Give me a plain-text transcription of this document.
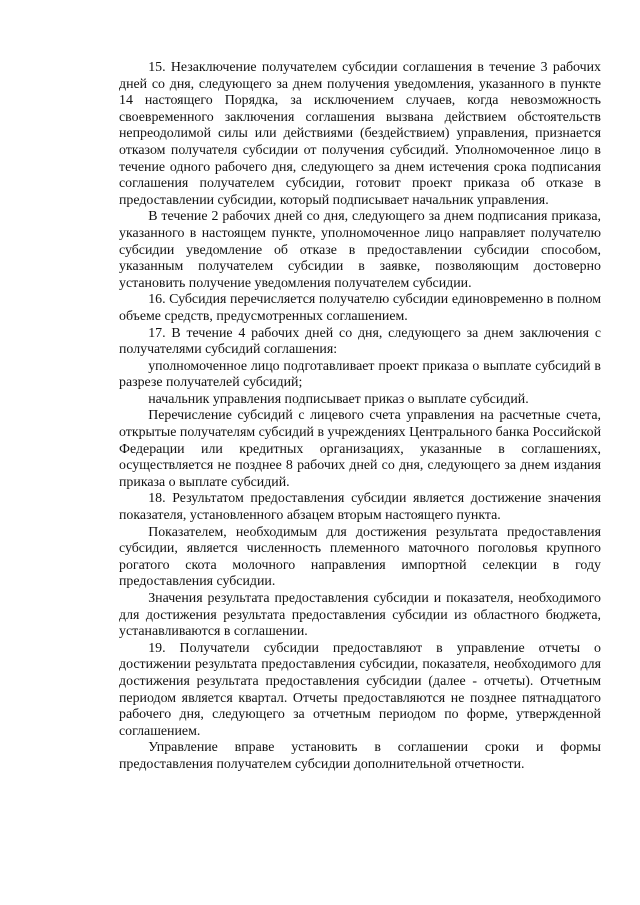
15. Незаключение получателем субсидии соглашения в течение 3 рабочих дней со дня, следующего за днем получения уведомления, указанного в пункте 14 настоящего Порядка, за исключением случаев, когда невозможность своевременного заключения соглашения вызвана действием обстоятельств непреодолимой силы или действиями (бездействием) управления, признается отказом получателя субсидии от получения субсидий. Уполномоченное лицо в течение одного рабочего дня, следующего за днем истечения срока подписания соглашения получателем субсидии, готовит проект приказа об отказе в предоставлении субсидии, который подписывает начальник управления.

В течение 2 рабочих дней со дня, следующего за днем подписания приказа, указанного в настоящем пункте, уполномоченное лицо направляет получателю субсидии уведомление об отказе в предоставлении субсидии способом, указанным получателем субсидии в заявке, позволяющим достоверно установить получение уведомления получателем субсидии.

16. Субсидия перечисляется получателю субсидии единовременно в полном объеме средств, предусмотренных соглашением.

17. В течение 4 рабочих дней со дня, следующего за днем заключения с получателями субсидий соглашения:

уполномоченное лицо подготавливает проект приказа о выплате субсидий в разрезе получателей субсидий;

начальник управления подписывает приказ о выплате субсидий.

Перечисление субсидий с лицевого счета управления на расчетные счета, открытые получателям субсидий в учреждениях Центрального банка Российской Федерации или кредитных организациях, указанные в соглашениях, осуществляется не позднее 8 рабочих дней со дня, следующего за днем издания приказа о выплате субсидий.

18. Результатом предоставления субсидии является достижение значения показателя, установленного абзацем вторым настоящего пункта.

Показателем, необходимым для достижения результата предоставления субсидии, является численность племенного маточного поголовья крупного рогатого скота молочного направления импортной селекции в году предоставления субсидии.

Значения результата предоставления субсидии и показателя, необходимого для достижения результата предоставления субсидии из областного бюджета, устанавливаются в соглашении.

19. Получатели субсидии предоставляют в управление отчеты о достижении результата предоставления субсидии, показателя, необходимого для достижения результата предоставления субсидии (далее - отчеты). Отчетным периодом является квартал. Отчеты предоставляются не позднее пятнадцатого рабочего дня, следующего за отчетным периодом по форме, утвержденной соглашением.

Управление вправе установить в соглашении сроки и формы предоставления получателем субсидии дополнительной отчетности.
